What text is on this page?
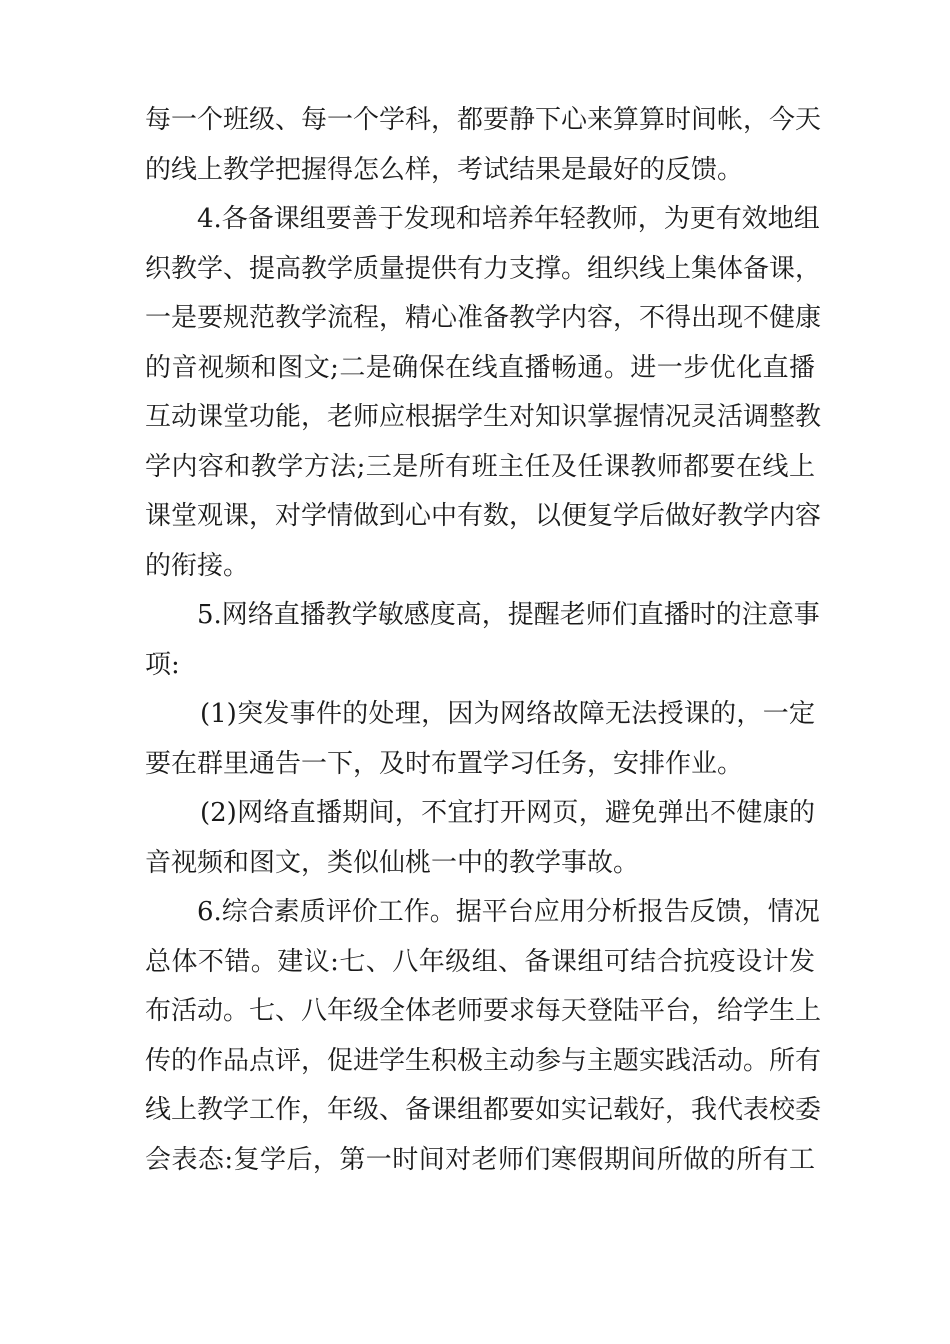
每一个班级、每一个学科，都要静下心来算算时间帐，今天
的线上教学把握得怎么样，考试结果是最好的反馈。
4.各备课组要善于发现和培养年轻教师，为更有效地组
织教学、提高教学质量提供有力支撑。组织线上集体备课，
一是要规范教学流程，精心准备教学内容，不得出现不健康
的音视频和图文;二是确保在线直播畅通。进一步优化直播
互动课堂功能，老师应根据学生对知识掌握情况灵活调整教
学内容和教学方法;三是所有班主任及任课教师都要在线上
课堂观课，对学情做到心中有数，以便复学后做好教学内容
的衔接。
5.网络直播教学敏感度高，提醒老师们直播时的注意事
项:
(1)突发事件的处理，因为网络故障无法授课的，一定
要在群里通告一下，及时布置学习任务，安排作业。
(2)网络直播期间，不宜打开网页，避免弹出不健康的
音视频和图文，类似仙桃一中的教学事故。
6.综合素质评价工作。据平台应用分析报告反馈，情况
总体不错。建议:七、八年级组、备课组可结合抗疫设计发
布活动。七、八年级全体老师要求每天登陆平台，给学生上
传的作品点评，促进学生积极主动参与主题实践活动。所有
线上教学工作，年级、备课组都要如实记载好，我代表校委
会表态:复学后，第一时间对老师们寒假期间所做的所有工
